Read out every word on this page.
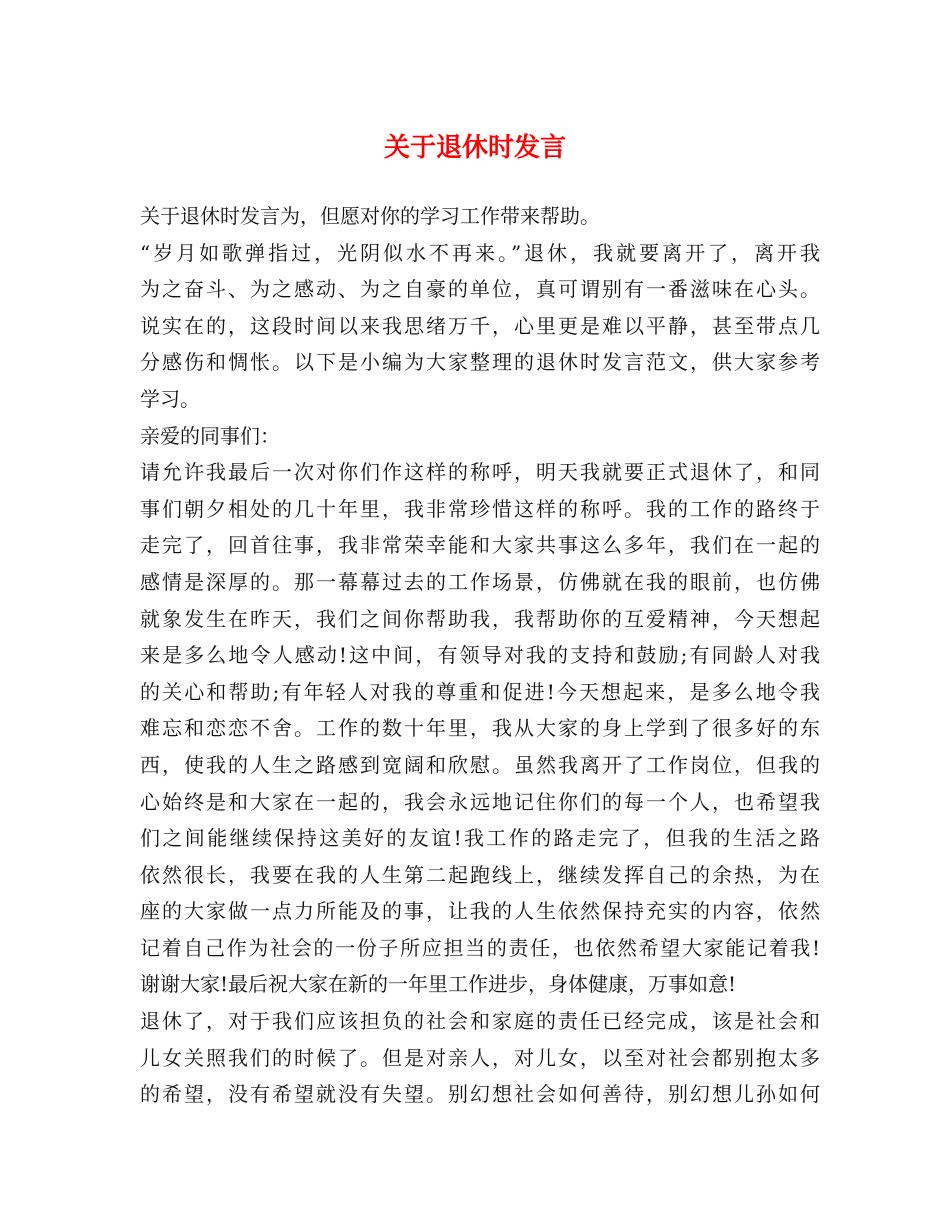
关于退休时发言
关于退休时发言为，但愿对你的学习工作带来帮助。
“岁月如歌弹指过，光阴似水不再来。”退休，我就要离开了，离开我
为之奋斗、为之感动、为之自豪的单位，真可谓别有一番滋味在心头。
说实在的，这段时间以来我思绪万千，心里更是难以平静，甚至带点几
分感伤和惆怅。以下是小编为大家整理的退休时发言范文，供大家参考
学习。
亲爱的同事们：
请允许我最后一次对你们作这样的称呼，明天我就要正式退休了，和同
事们朝夕相处的几十年里，我非常珍惜这样的称呼。我的工作的路终于
走完了，回首往事，我非常荣幸能和大家共事这么多年，我们在一起的
感情是深厚的。那一幕幕过去的工作场景，仿佛就在我的眼前，也仿佛
就象发生在昨天，我们之间你帮助我，我帮助你的互爱精神，今天想起
来是多么地令人感动!这中间，有领导对我的支持和鼓励;有同龄人对我
的关心和帮助;有年轻人对我的尊重和促进!今天想起来，是多么地令我
难忘和恋恋不舍。工作的数十年里，我从大家的身上学到了很多好的东
西，使我的人生之路感到宽阔和欣慰。虽然我离开了工作岗位，但我的
心始终是和大家在一起的，我会永远地记住你们的每一个人，也希望我
们之间能继续保持这美好的友谊!我工作的路走完了，但我的生活之路
依然很长，我要在我的人生第二起跑线上，继续发挥自己的余热，为在
座的大家做一点力所能及的事，让我的人生依然保持充实的内容，依然
记着自己作为社会的一份子所应担当的责任，也依然希望大家能记着我!
谢谢大家!最后祝大家在新的一年里工作进步，身体健康，万事如意!
退休了，对于我们应该担负的社会和家庭的责任已经完成，该是社会和
儿女关照我们的时候了。但是对亲人，对儿女，以至对社会都别抱太多
的希望，没有希望就没有失望。别幻想社会如何善待，别幻想儿孙如何
